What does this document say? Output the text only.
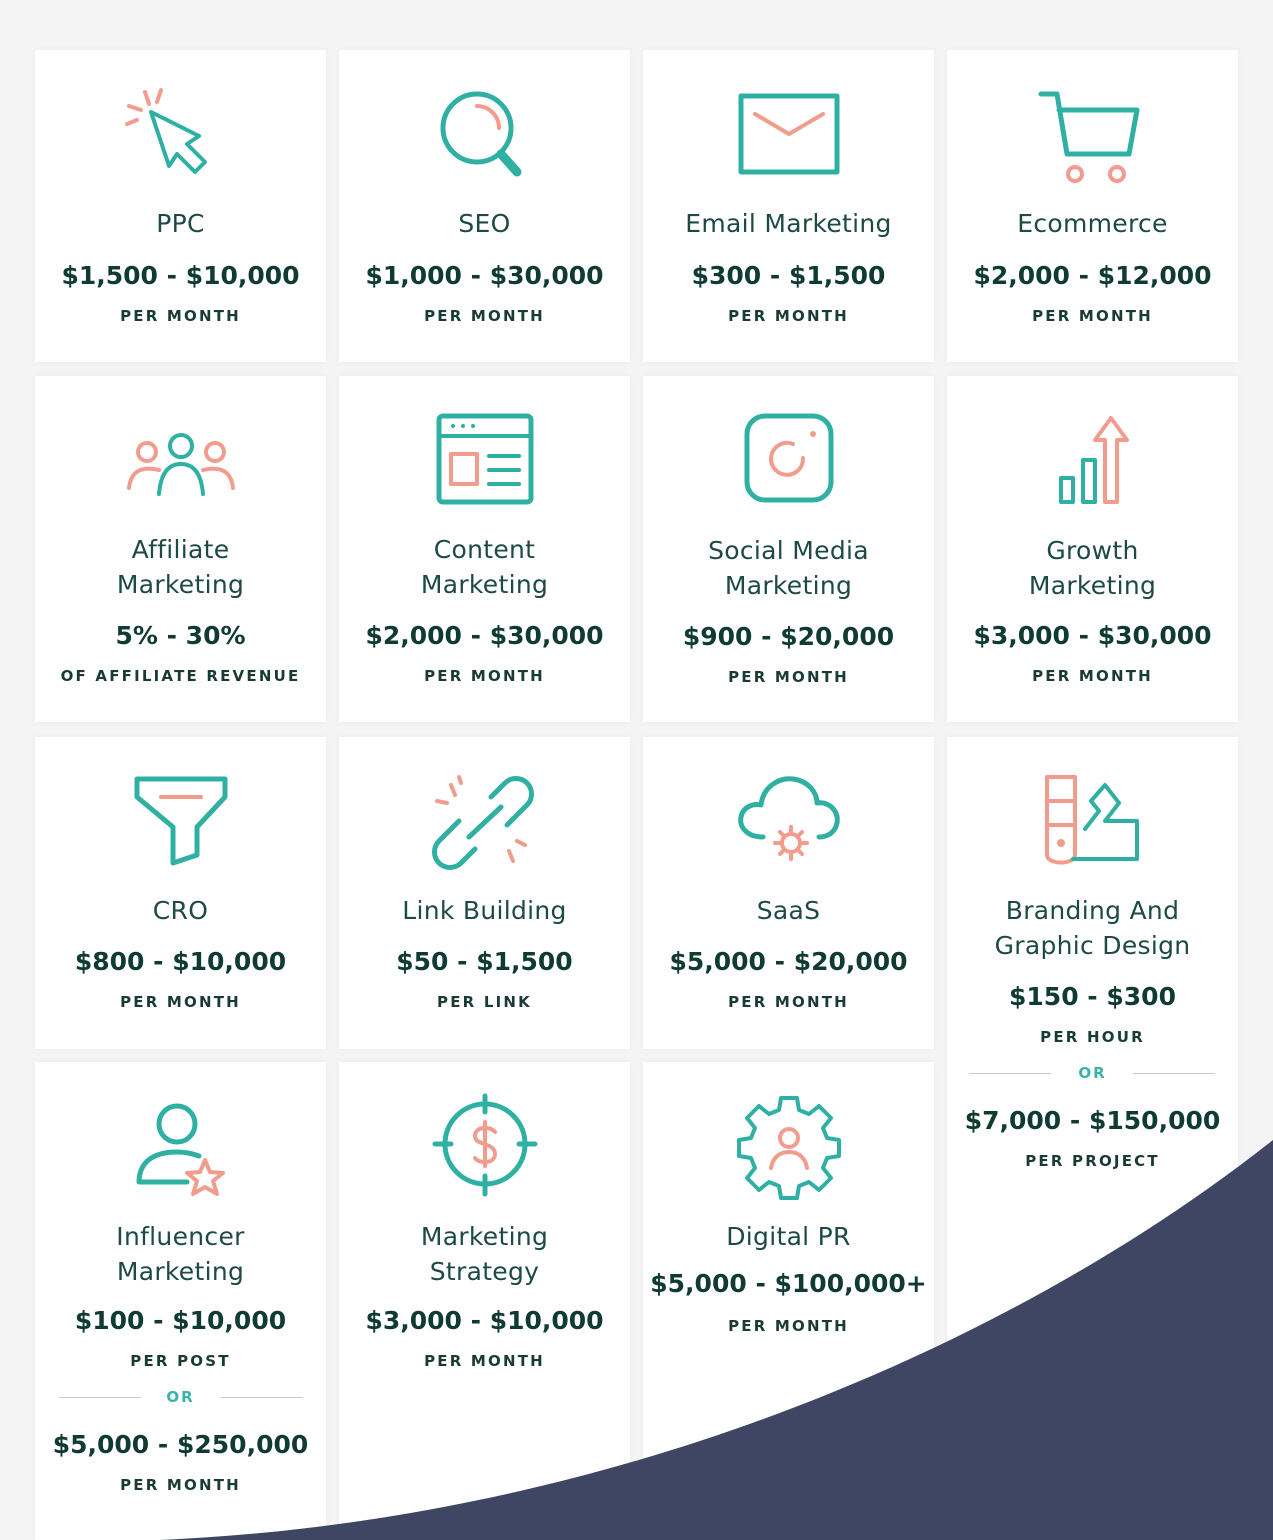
PPC
$1,500 - $10,000
PER MONTH
SEO
$1,000 - $30,000
PER MONTH
Email Marketing
$300 - $1,500
PER MONTH
Ecommerce
$2,000 - $12,000
PER MONTH
Affiliate
Marketing
5% - 30%
OF AFFILIATE REVENUE
Content
Marketing
$2,000 - $30,000
PER MONTH
Social Media
Marketing
$900 - $20,000
PER MONTH
Growth
Marketing
$3,000 - $30,000
PER MONTH
CRO
$800 - $10,000
PER MONTH
Link Building
$50 - $1,500
PER LINK
SaaS
$5,000 - $20,000
PER MONTH
Branding And
Graphic Design
$150 - $300
PER HOUR
OR
$7,000 - $150,000
PER PROJECT
Influencer
Marketing
$100 - $10,000
PER POST
OR
$5,000 - $250,000
PER MONTH
Marketing
Strategy
$3,000 - $10,000
PER MONTH
Digital PR
$5,000 - $100,000+
PER MONTH
